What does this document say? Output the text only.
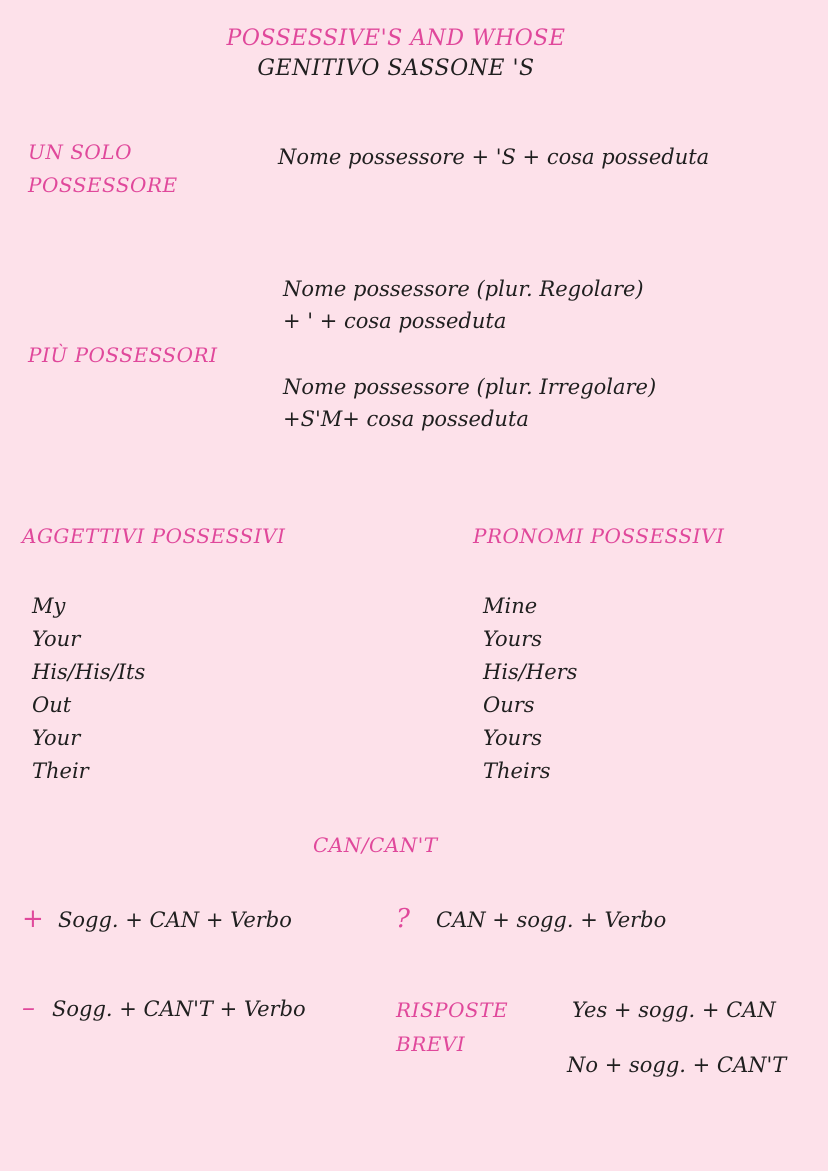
POSSESSIVE'S AND WHOSE
GENITIVO SASSONE 'S
UN SOLO
POSSESSORE
Nome possessore + 'S + cosa posseduta
Nome possessore (plur. Regolare)
+ ' + cosa posseduta
PIÙ POSSESSORI
Nome possessore (plur. Irregolare)
+S'M+ cosa posseduta
AGGETTIVI POSSESSIVI
My
Your
His/His/Its
Out
Your
Their
PRONOMI POSSESSIVI
Mine
Yours
His/Hers
Ours
Yours
Theirs
CAN/CAN'T
+ Sogg. + CAN + Verbo	? CAN + sogg. + Verbo
– Sogg. + CAN'T + Verbo	RISPOSTE
BREVI
Yes + sogg. + CAN
No + sogg. + CAN'T
